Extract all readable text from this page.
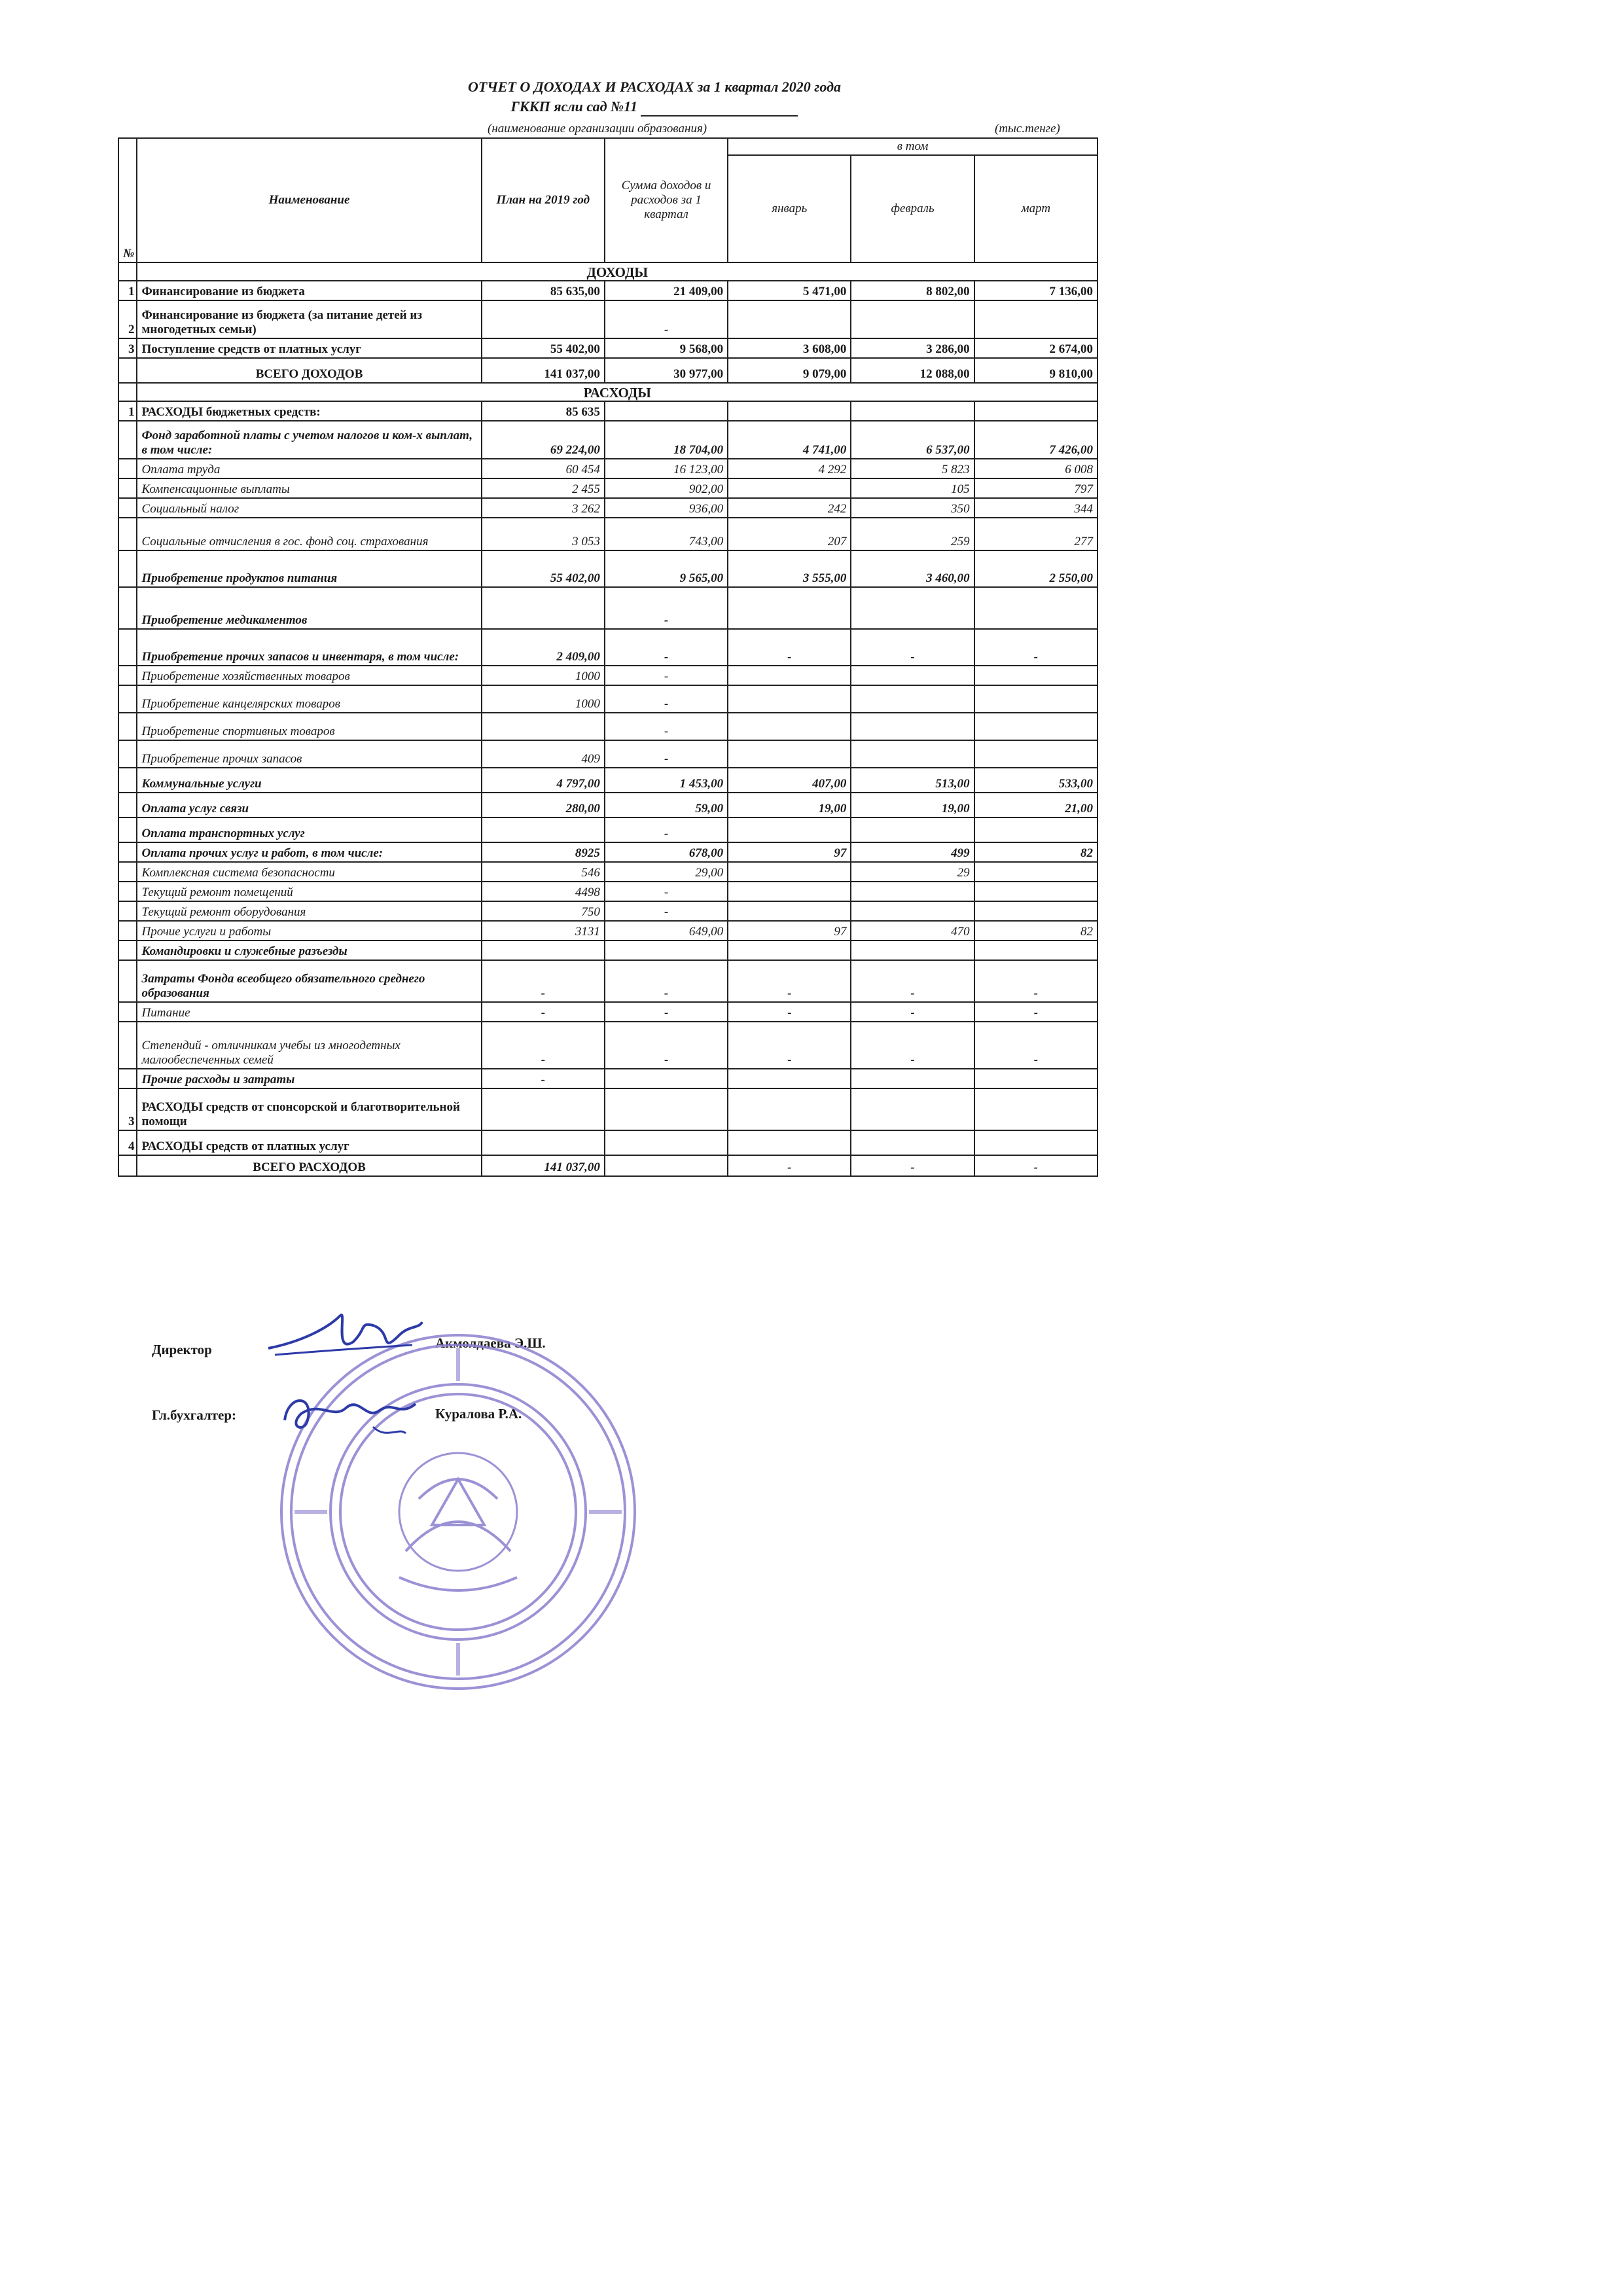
ОТЧЕТ О ДОХОДАХ И РАСХОДАХ за 1 квартал 2020 года
ГККП ясли сад №11
(наименование организации образования)	(тыс.тенге)
№	Наименование	План на 2019 год	Сумма доходов и расходов за 1 квартал	в том		
				январь	февраль	март
	ДОХОДЫ					
1	Финансирование из бюджета	85 635,00	21 409,00	5 471,00	8 802,00	7 136,00
2	Финансирование из бюджета (за питание детей из многодетных семьи)		-			
3	Поступление средств от платных услуг	55 402,00	9 568,00	3 608,00	3 286,00	2 674,00
	ВСЕГО ДОХОДОВ	141 037,00	30 977,00	9 079,00	12 088,00	9 810,00
	РАСХОДЫ					
1	РАСХОДЫ бюджетных средств:	85 635				
	Фонд заработной платы с учетом налогов и ком-х выплат, в том числе:	69 224,00	18 704,00	4 741,00	6 537,00	7 426,00
	Оплата труда	60 454	16 123,00	4 292	5 823	6 008
	Компенсационные выплаты	2 455	902,00		105	797
	Социальный налог	3 262	936,00	242	350	344
	Социальные отчисления в гос. фонд соц. страхования	3 053	743,00	207	259	277
	Приобретение продуктов питания	55 402,00	9 565,00	3 555,00	3 460,00	2 550,00
	Приобретение медикаментов		-			
	Приобретение прочих запасов и инвентаря, в том числе:	2 409,00	-	-	-	-
	Приобретение хозяйственных товаров	1000	-			
	Приобретение канцелярских товаров	1000	-			
	Приобретение спортивных товаров		-			
	Приобретение прочих запасов	409	-			
	Коммунальные услуги	4 797,00	1 453,00	407,00	513,00	533,00
	Оплата услуг связи	280,00	59,00	19,00	19,00	21,00
	Оплата транспортных услуг		-			
	Оплата прочих услуг и работ, в том числе:	8925	678,00	97	499	82
	Комплексная система безопасности	546	29,00		29	
	Текущий ремонт помещений	4498	-			
	Текущий ремонт оборудования	750	-			
	Прочие услуги и работы	3131	649,00	97	470	82
	Командировки и служебные разъезды					
	Затраты Фонда всеобщего обязательного среднего образования	-	-	-	-	-
	Питание	-	-	-	-	-
	Степендий - отличникам учебы из многодетных малообеспеченных семей	-	-	-	-	-
	Прочие расходы и затраты	-				
3	РАСХОДЫ средств от спонсорской и благотворительной помощи					
4	РАСХОДЫ средств от платных услуг					
	ВСЕГО РАСХОДОВ	141 037,00		-	-	-
Директор	Акмолдаева Э.Ш.
Гл.бухгалтер:	Куралова Р.А.
